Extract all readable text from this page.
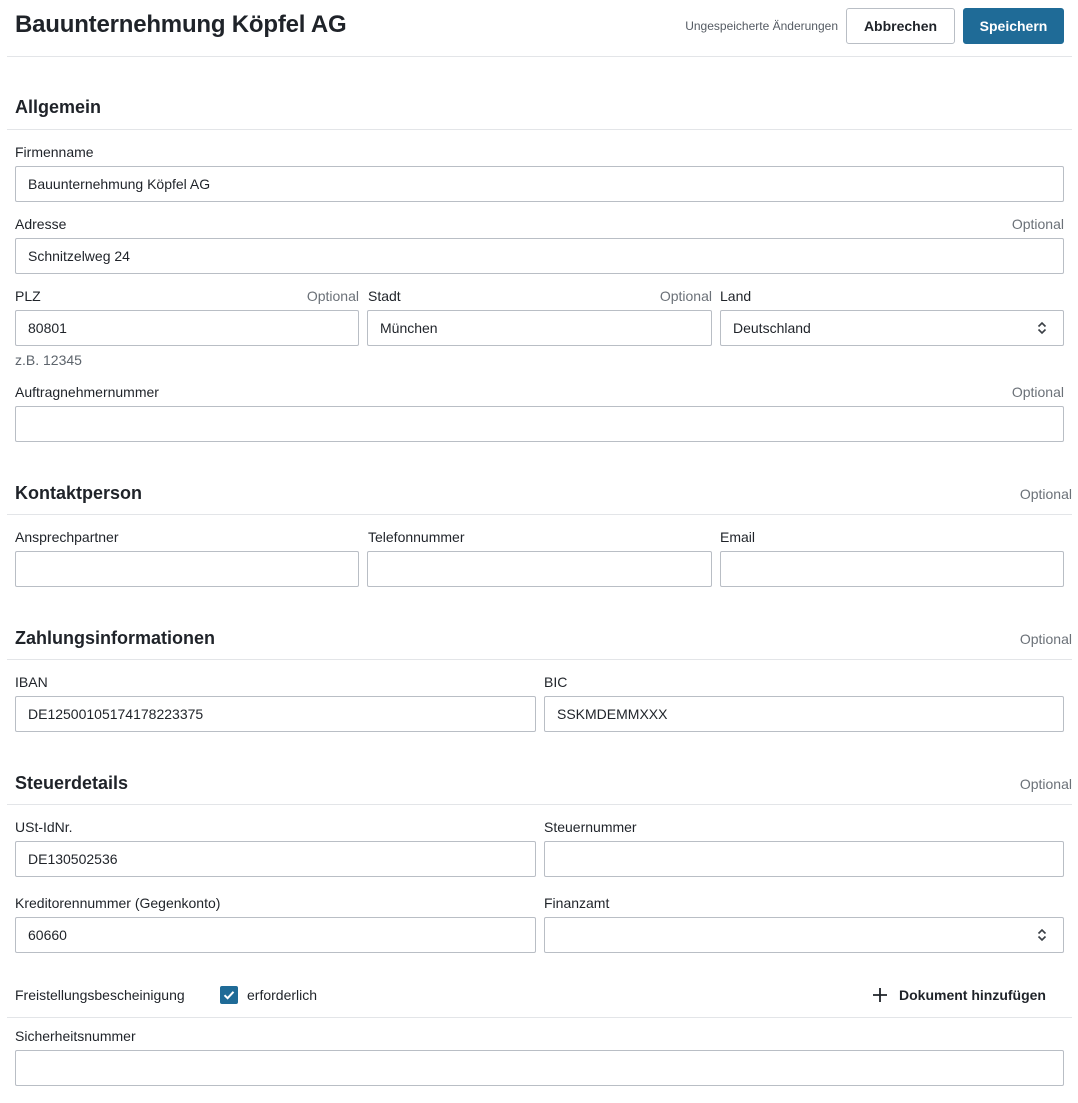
Bauunternehmung Köpfel AG	Ungespeicherte Änderungen	Abbrechen	Speichern
Allgemein
Firmenname
Bauunternehmung Köpfel AG
Adresse	Optional
Schnitzelweg 24
PLZ	Optional
80801
z.B. 12345
Stadt	Optional
München
Land
Deutschland
Auftragnehmernummer	Optional
Kontaktperson	Optional
Ansprechpartner	Telefonnummer	Email
Zahlungsinformationen	Optional
IBAN
DE12500105174178223375
BIC
SSKMDEMMXXX
Steuerdetails	Optional
USt-IdNr.
DE130502536
Steuernummer
Kreditorennummer (Gegenkonto)
60660
Finanzamt
Freistellungsbescheinigung	erforderlich	Dokument hinzufügen
Sicherheitsnummer
